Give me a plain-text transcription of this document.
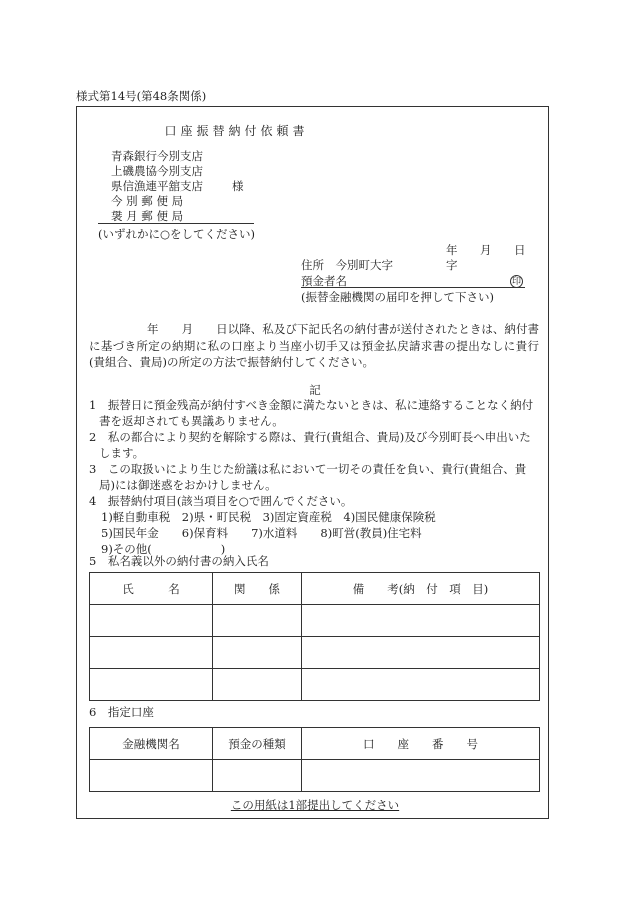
様式第14号(第48条関係)
口座振替納付依頼書
青森銀行今別支店
上磯農協今別支店
県信漁連平舘支店	様
今 別 郵 便 局
袰 月 郵 便 局
(いずれかに○をしてください)
年 月 日
住所　今別町大字	字
預金者名	印
(振替金融機関の届印を押して下さい)
年　　月　　日以降、私及び下記氏名の納付書が送付されたときは、納付書に基づき所定の納期に私の口座より当座小切手又は預金払戻請求書の提出なしに貴行(貴組合、貴局)の所定の方法で振替納付してください。
記
1　振替日に預金残高が納付すべき金額に満たないときは、私に連絡することなく納付書を返却されても異議ありません。
2　私の都合により契約を解除する際は、貴行(貴組合、貴局)及び今別町長へ申出いたします。
3　この取扱いにより生じた紛議は私において一切その責任を負い、貴行(貴組合、貴局)には御迷惑をおかけしません。
4　振替納付項目(該当項目を○で囲んでください。
1)軽自動車税　2)県・町民税　3)固定資産税　4)国民健康保険税
5)国民年金　　6)保育料　　7)水道料　　8)町営(教員)住宅料
9)その他(　　　　　　)
5　私名義以外の納付書の納入氏名
氏　　　名	関　　係	備　　考(納　付　項　目)

6　指定口座
金融機関名	預金の種類	口　　座　　番　　号

この用紙は1部提出してください
